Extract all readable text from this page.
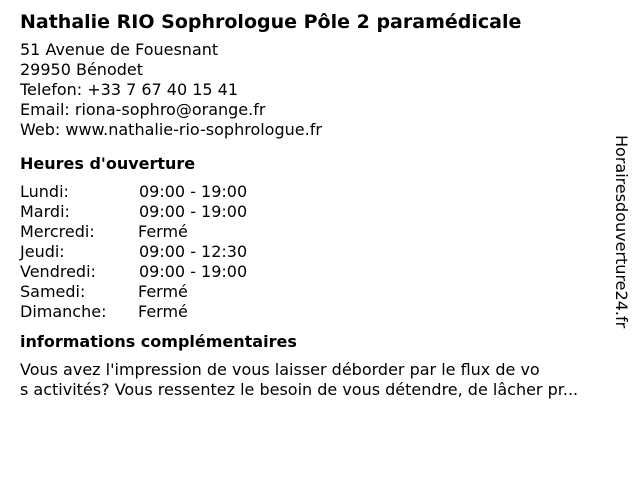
Nathalie RIO Sophrologue Pôle 2 paramédicale
51 Avenue de Fouesnant
29950 Bénodet
Telefon: +33 7 67 40 15 41
Email: riona-sophro@orange.fr
Web: www.nathalie-rio-sophrologue.fr
Heures d'ouverture
Lundi:	09:00 - 19:00
Mardi:	09:00 - 19:00
Mercredi:	Fermé
Jeudi:	09:00 - 12:30
Vendredi:	09:00 - 19:00
Samedi:	Fermé
Dimanche: Fermé
informations complémentaires
Vous avez l'impression de vous laisser déborder par le flux de vo
s activités? Vous ressentez le besoin de vous détendre, de lâcher pr...
Horairesdouverture24.fr
